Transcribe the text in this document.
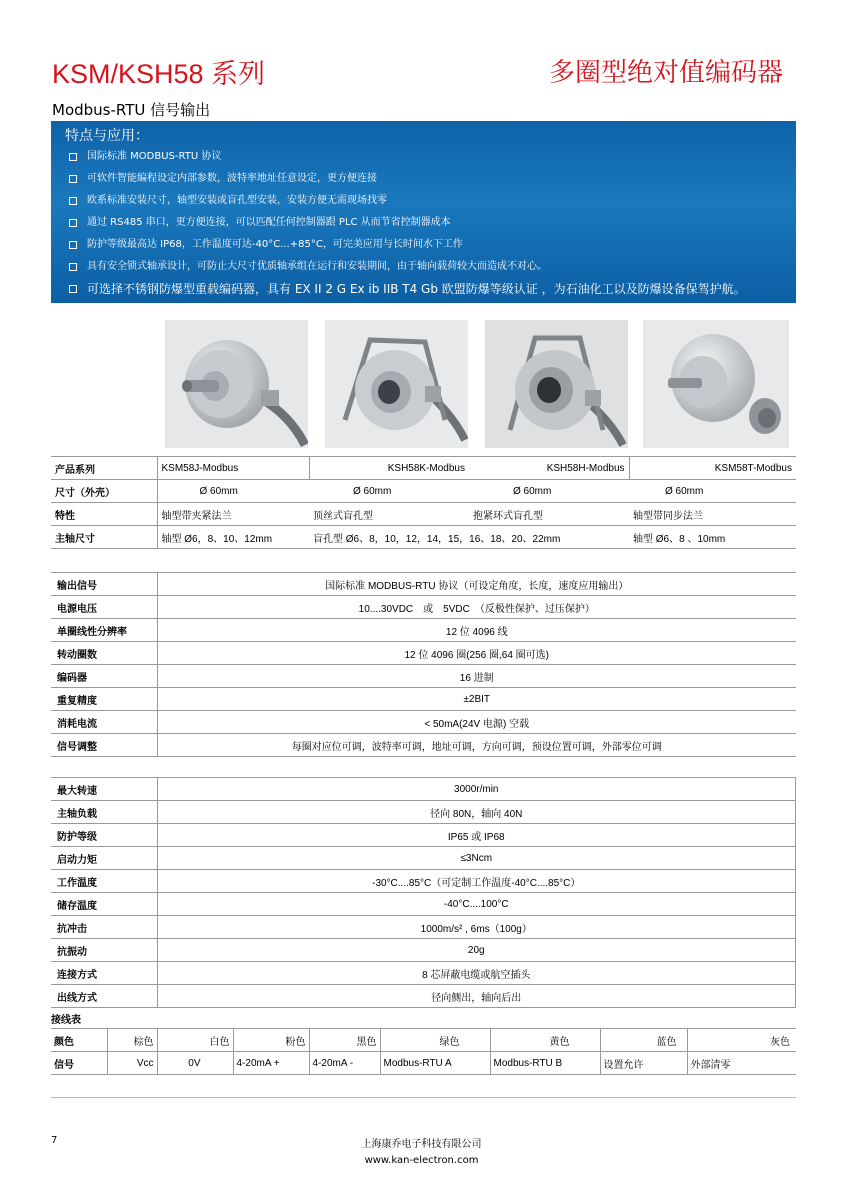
KSM/KSH58 系列	多圈型绝对值编码器
Modbus-RTU 信号输出
特点与应用：
国际标准 MODBUS-RTU 协议
可软件智能编程设定内部参数，波特率地址任意设定，更方便连接
欧系标准安装尺寸，轴型安装或盲孔型安装，安装方便无需现场找零
通过 RS485 串口，更方便连接，可以匹配任何控制器跟 PLC 从而节省控制器成本
防护等级最高达 IP68，工作温度可达-40°C...+85°C，可完美应用与长时间水下工作
具有安全锁式轴承设计，可防止大尺寸优质轴承组在运行和安装期间，由于轴向载荷较大而造成不对心。
可选择不锈钢防爆型重载编码器，具有 EX II 2 G Ex ib IIB T4 Gb 欧盟防爆等级认证 ，为石油化工以及防爆设备保驾护航。
产品系列	KSM58J-Modbus	KSH58K-Modbus	KSH58H-Modbus	KSM58T-Modbus
尺寸（外壳）	Ø 60mm	Ø 60mm	Ø 60mm	Ø 60mm
特性	轴型带夹紧法兰	顶丝式盲孔型	抱紧环式盲孔型	轴型带同步法兰
主轴尺寸	轴型 Ø6，8、10、12mm	盲孔型 Ø6、8，10，12，14，15，16、18、20、22mm		轴型 Ø6、8 、10mm
输出信号	国际标准 MODBUS-RTU 协议（可设定角度，长度，速度应用输出）
电源电压	10....30VDC　或　5VDC　（反极性保护、过压保护）
单圈线性分辨率	12 位 4096 线
转动圈数	12 位 4096 圈(256 圈,64 圈可选)
编码器	16 进制
重复精度	±2BIT
消耗电流	< 50mA(24V 电源) 空载
信号调整	每圈对应位可调，波特率可调，地址可调，方向可调，预设位置可调，外部零位可调
最大转速	3000r/min
主轴负载	径向 80N，轴向 40N
防护等级	IP65 或 IP68
启动力矩	≤3Ncm
工作温度	-30°C....85°C（可定制工作温度-40°C....85°C）
储存温度	-40°C....100°C
抗冲击	1000m/s² , 6ms（100g）
抗振动	20g
连接方式	8 芯屏蔽电缆或航空插头
出线方式	径向侧出，轴向后出
接线表
颜色	棕色	白色	粉色	黑色	绿色	黄色	蓝色	灰色
信号	Vcc	0V	4-20mA +	4-20mA -	Modbus-RTU A	Modbus-RTU B	设置允许	外部清零
7	上海康乔电子科技有限公司
www.kan-electron.com
